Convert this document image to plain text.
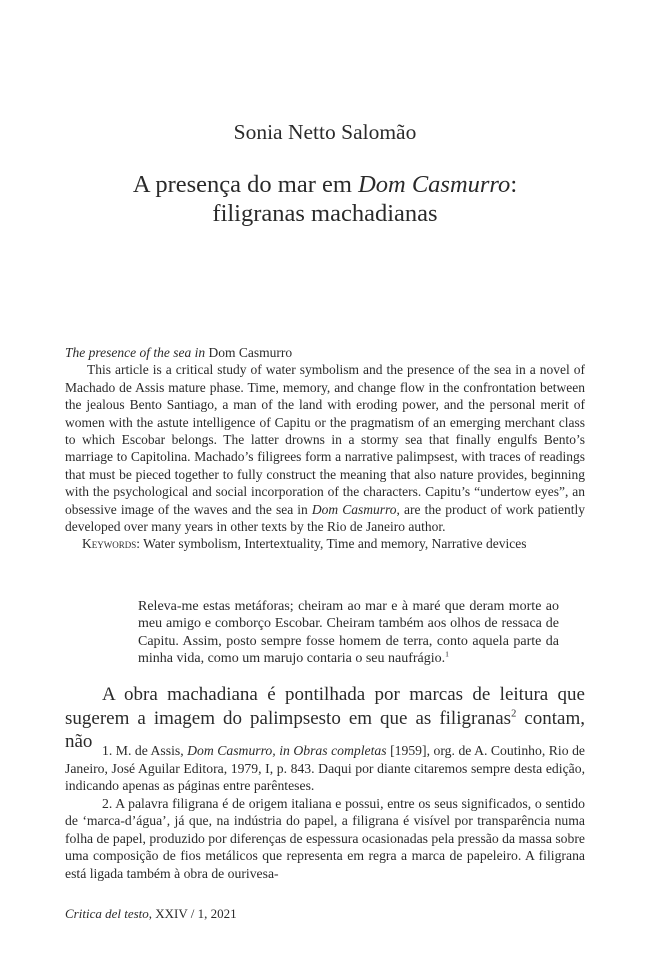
Sonia Netto Salomão
A presença do mar em Dom Casmurro:
filigranas machadianas

The presence of the sea in Dom Casmurro

This article is a critical study of water symbolism and the presence of the sea in a novel of Machado de Assis mature phase. Time, memory, and change flow in the confrontation between the jealous Bento Santiago, a man of the land with eroding power, and the personal merit of women with the astute intelligence of Capitu or the pragmatism of an emerging merchant class to which Escobar belongs. The latter drowns in a stormy sea that finally engulfs Bento’s marriage to Capitolina. Machado’s filigrees form a narrative palimpsest, with traces of readings that must be pieced together to fully construct the meaning that also nature provides, beginning with the psychological and social incorporation of the characters. Capitu’s “undertow eyes”, an obsessive image of the waves and the sea in Dom Casmurro, are the product of work patiently developed over many years in other texts by the Rio de Janeiro author.

Keywords: Water symbolism, Intertextuality, Time and memory, Narrative devices

Releva-me estas metáforas; cheiram ao mar e à maré que deram morte ao meu amigo e comborço Escobar. Cheiram também aos olhos de ressaca de Capitu. Assim, posto sempre fosse homem de terra, conto aquela parte da minha vida, como um marujo contaria o seu naufrágio.$^1$

A obra machadiana é pontilhada por marcas de leitura que sugerem a imagem do palimpsesto em que as filigranas$^2$ contam, não 1. M. de Assis, Dom Casmurro, in Obras completas [1959], org. de A. Coutinho, Rio de Janeiro, José Aguilar Editora, 1979, I, p. 843. Daqui por diante citaremos sempre desta edição, indicando apenas as páginas entre parênteses.

2. A palavra filigrana é de origem italiana e possui, entre os seus significados, o sentido de ‘marca-d’água’, já que, na indústria do papel, a filigrana é visível por transparência numa folha de papel, produzido por diferenças de espessura ocasionadas pela pressão da massa sobre uma composição de fios metálicos que representa em regra a marca de papeleiro. A filigrana está ligada também à obra de ourivesa-

Critica del testo, XXIV / 1, 2021
